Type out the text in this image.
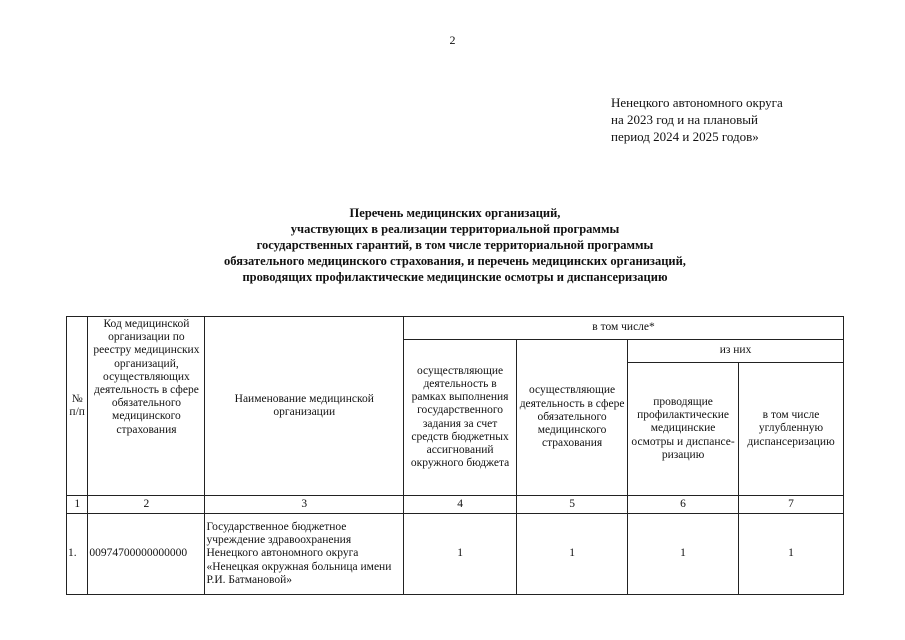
2
Ненецкого автономного округа
на 2023 год и на плановый
период 2024 и 2025 годов»
Перечень медицинских организаций,
участвующих в реализации территориальной программы
государственных гарантий, в том числе территориальной программы
обязательного медицинского страхования, и перечень медицинских организаций,
проводящих профилактические медицинские осмотры и диспансеризацию
№ п/п	Код медицинской организации по реестру медицинских организаций, осуществляющих деятельность в сфере обязательного медицинского страхования	Наименование медицинской организации	в том числе*			
			осуществляющие деятельность в рамках выполнения государственного задания за счет средств бюджетных ассигнований окружного бюджета	осуществляющие деятельность в сфере обязательного медицинского страхования	из них	
					проводящие профилактические медицинские осмотры и диспансе-ризацию	в том числе углубленную диспансеризацию
1	2	3	4	5	6	7
1.	00974700000000000	Государственное бюджетное учреждение здравоохранения Ненецкого автономного округа «Ненецкая окружная больница имени Р.И. Батмановой»	1	1	1	1
